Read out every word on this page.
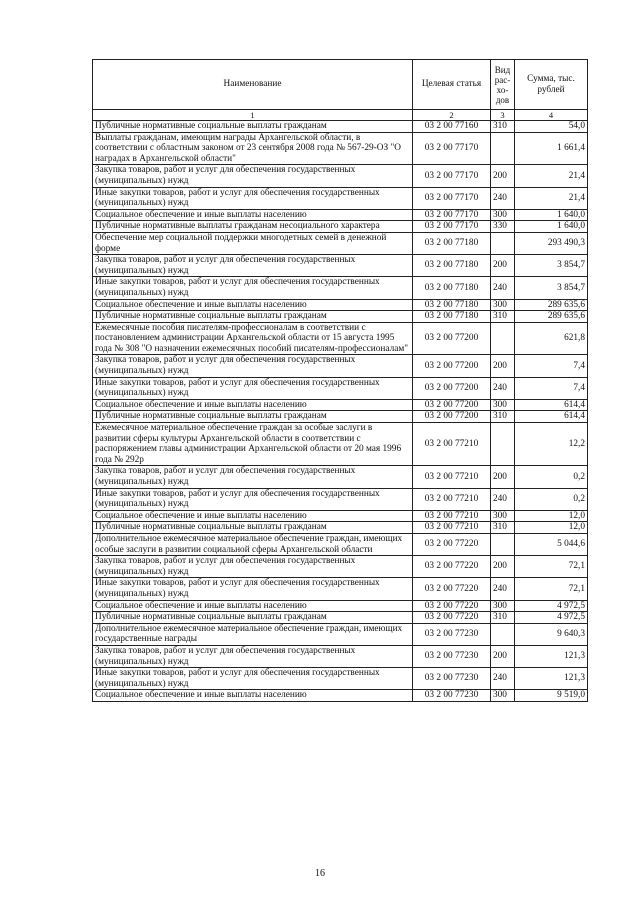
Наименование	Целевая статья	Вид рас-хо-дов	Сумма, тыс. рублей
1	2	3	4
Публичные нормативные социальные выплаты гражданам	03 2 00 77160	310	54,0
Выплаты гражданам, имеющим награды Архангельской области, в соответствии с областным законом от 23 сентября 2008 года № 567-29-ОЗ "О наградах в Архангельской области"	03 2 00 77170		1 661,4
Закупка товаров, работ и услуг для обеспечения государственных (муниципальных) нужд	03 2 00 77170	200	21,4
Иные закупки товаров, работ и услуг для обеспечения государственных (муниципальных) нужд	03 2 00 77170	240	21,4
Социальное обеспечение и иные выплаты населению	03 2 00 77170	300	1 640,0
Публичные нормативные выплаты гражданам несоциального характера	03 2 00 77170	330	1 640,0
Обеспечение мер социальной поддержки многодетных семей в денежной форме	03 2 00 77180		293 490,3
Закупка товаров, работ и услуг для обеспечения государственных (муниципальных) нужд	03 2 00 77180	200	3 854,7
Иные закупки товаров, работ и услуг для обеспечения государственных (муниципальных) нужд	03 2 00 77180	240	3 854,7
Социальное обеспечение и иные выплаты населению	03 2 00 77180	300	289 635,6
Публичные нормативные социальные выплаты гражданам	03 2 00 77180	310	289 635,6
Ежемесячные пособия писателям-профессионалам в соответствии с постановлением администрации Архангельской области от 15 августа 1995 года № 308 "О назначении ежемесячных пособий писателям-профессионалам"	03 2 00 77200		621,8
Закупка товаров, работ и услуг для обеспечения государственных (муниципальных) нужд	03 2 00 77200	200	7,4
Иные закупки товаров, работ и услуг для обеспечения государственных (муниципальных) нужд	03 2 00 77200	240	7,4
Социальное обеспечение и иные выплаты населению	03 2 00 77200	300	614,4
Публичные нормативные социальные выплаты гражданам	03 2 00 77200	310	614,4
Ежемесячное материальное обеспечение граждан за особые заслуги в развитии сферы культуры Архангельской области в соответствии с распоряжением главы администрации Архангельской области от 20 мая 1996 года № 292р	03 2 00 77210		12,2
Закупка товаров, работ и услуг для обеспечения государственных (муниципальных) нужд	03 2 00 77210	200	0,2
Иные закупки товаров, работ и услуг для обеспечения государственных (муниципальных) нужд	03 2 00 77210	240	0,2
Социальное обеспечение и иные выплаты населению	03 2 00 77210	300	12,0
Публичные нормативные социальные выплаты гражданам	03 2 00 77210	310	12,0
Дополнительное ежемесячное материальное обеспечение граждан, имеющих особые заслуги в развитии социальной сферы Архангельской области	03 2 00 77220		5 044,6
Закупка товаров, работ и услуг для обеспечения государственных (муниципальных) нужд	03 2 00 77220	200	72,1
Иные закупки товаров, работ и услуг для обеспечения государственных (муниципальных) нужд	03 2 00 77220	240	72,1
Социальное обеспечение и иные выплаты населению	03 2 00 77220	300	4 972,5
Публичные нормативные социальные выплаты гражданам	03 2 00 77220	310	4 972,5
Дополнительное ежемесячное материальное обеспечение граждан, имеющих государственные награды	03 2 00 77230		9 640,3
Закупка товаров, работ и услуг для обеспечения государственных (муниципальных) нужд	03 2 00 77230	200	121,3
Иные закупки товаров, работ и услуг для обеспечения государственных (муниципальных) нужд	03 2 00 77230	240	121,3
Социальное обеспечение и иные выплаты населению	03 2 00 77230	300	9 519,0
16
